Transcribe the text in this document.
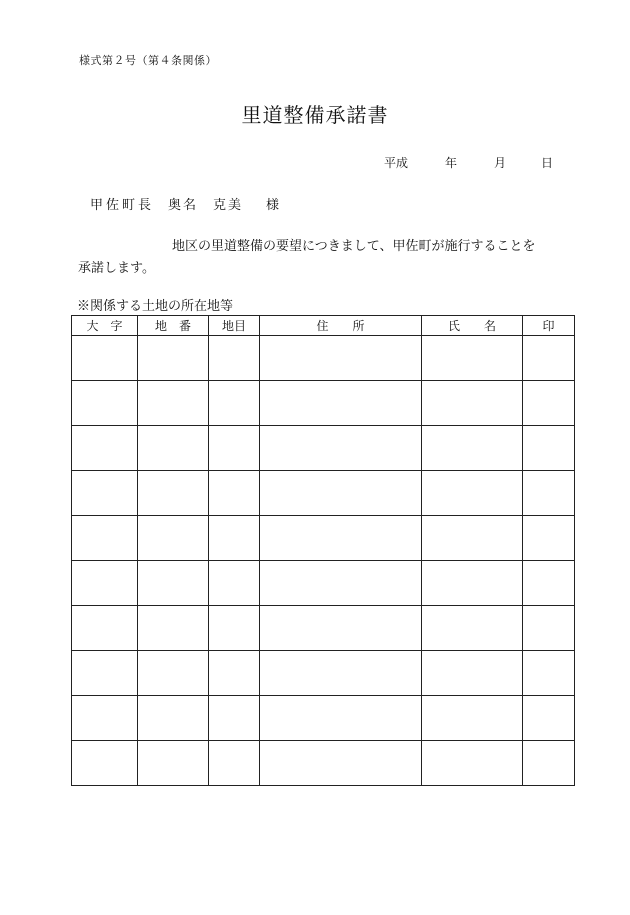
様式第２号（第４条関係）
里道整備承諾書
平成	年	月	日
甲佐町長 奥名　克美 様
地区の里道整備の要望につきまして、甲佐町が施行することを
承諾します。
※関係する土地の所在地等
大　字	地　番	地目	住　　所	氏　　名	印
